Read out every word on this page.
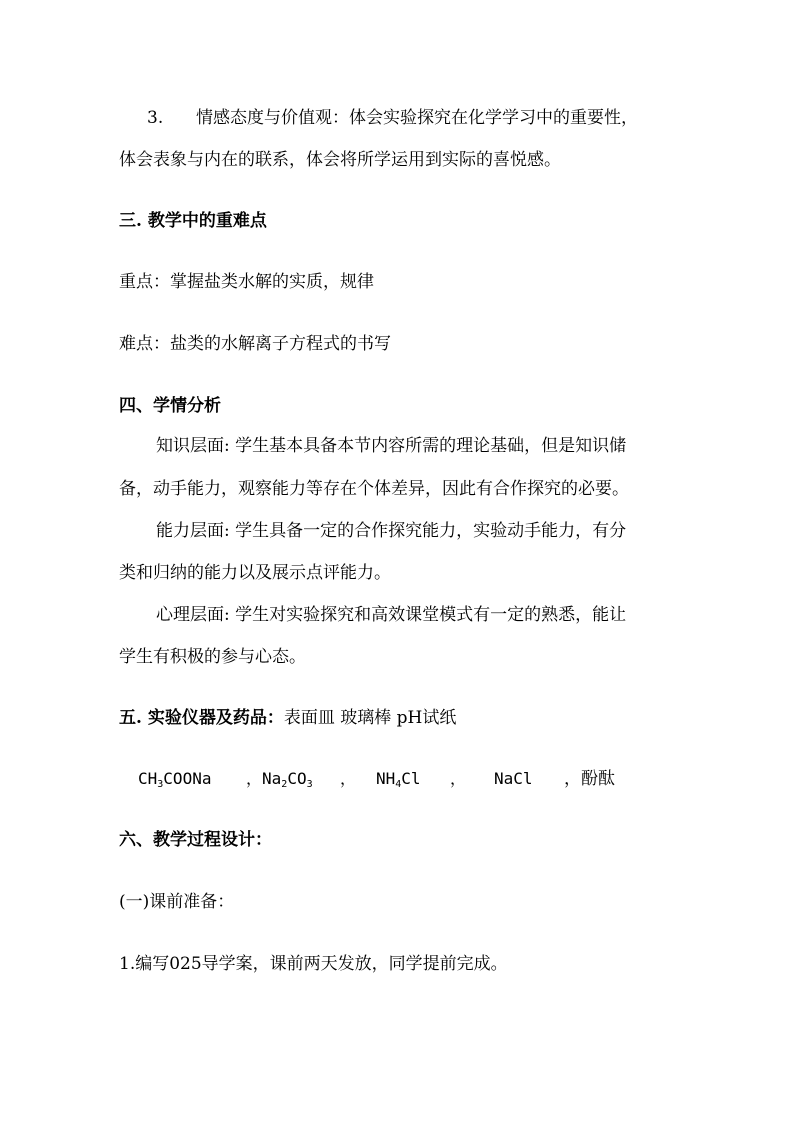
3. 情感态度与价值观：体会实验探究在化学学习中的重要性，
体会表象与内在的联系，体会将所学运用到实际的喜悦感。
三. 教学中的重难点
重点：掌握盐类水解的实质，规律
难点：盐类的水解离子方程式的书写
四、学情分析
知识层面: 学生基本具备本节内容所需的理论基础，但是知识储
备，动手能力，观察能力等存在个体差异，因此有合作探究的必要。
能力层面: 学生具备一定的合作探究能力，实验动手能力，有分
类和归纳的能力以及展示点评能力。
心理层面: 学生对实验探究和高效课堂模式有一定的熟悉，能让
学生有积极的参与心态。
五. 实验仪器及药品：表面皿 玻璃棒 pH试纸
$CH_3COONa$ ，$Na_2CO_3$ ， $NH_4Cl$ ， NaCl ，酚酞
六、教学过程设计：
(一)课前准备：
1.编写025导学案，课前两天发放，同学提前完成。
